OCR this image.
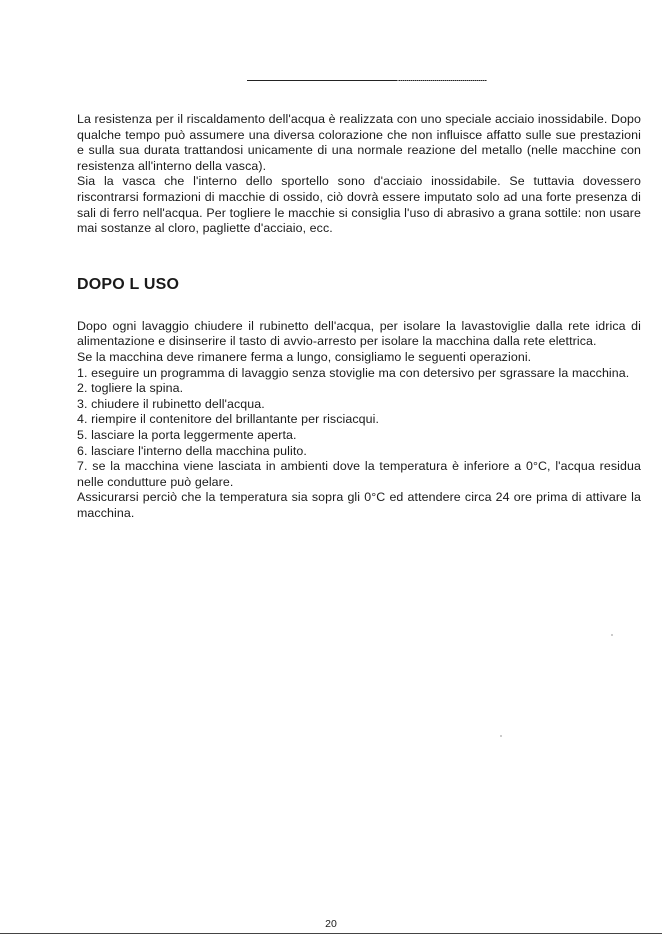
La resistenza per il riscaldamento dell'acqua è realizzata con uno speciale acciaio inossidabile. Dopo qualche tempo può assumere una diversa colorazione che non influisce affatto sulle sue prestazioni e sulla sua durata trattandosi unicamente di una normale reazione del metallo (nelle macchine con resistenza all'interno della vasca).

Sia la vasca che l'interno dello sportello sono d'acciaio inossidabile. Se tuttavia dovessero riscontrarsi formazioni di macchie di ossido, ciò dovrà essere imputato solo ad una forte presenza di sali di ferro nell'acqua. Per togliere le macchie si consiglia l'uso di abrasivo a grana sottile: non usare mai sostanze al cloro, pagliette d'acciaio, ecc.

DOPO L USO

Dopo ogni lavaggio chiudere il rubinetto dell'acqua, per isolare la lavastoviglie dalla rete idrica di alimentazione e disinserire il tasto di avvio-arresto per isolare la macchina dalla rete elettrica.

Se la macchina deve rimanere ferma a lungo, consigliamo le seguenti operazioni.

1. eseguire un programma di lavaggio senza stoviglie ma con detersivo per sgrassare la macchina.

2. togliere la spina.

3. chiudere il rubinetto dell'acqua.

4. riempire il contenitore del brillantante per risciacqui.

5. lasciare la porta leggermente aperta.

6. lasciare l'interno della macchina pulito.

7. se la macchina viene lasciata in ambienti dove la temperatura è inferiore a 0°C, l'acqua residua nelle condutture può gelare.

Assicurarsi perciò che la temperatura sia sopra gli 0°C ed attendere circa 24 ore prima di attivare la macchina.

20
